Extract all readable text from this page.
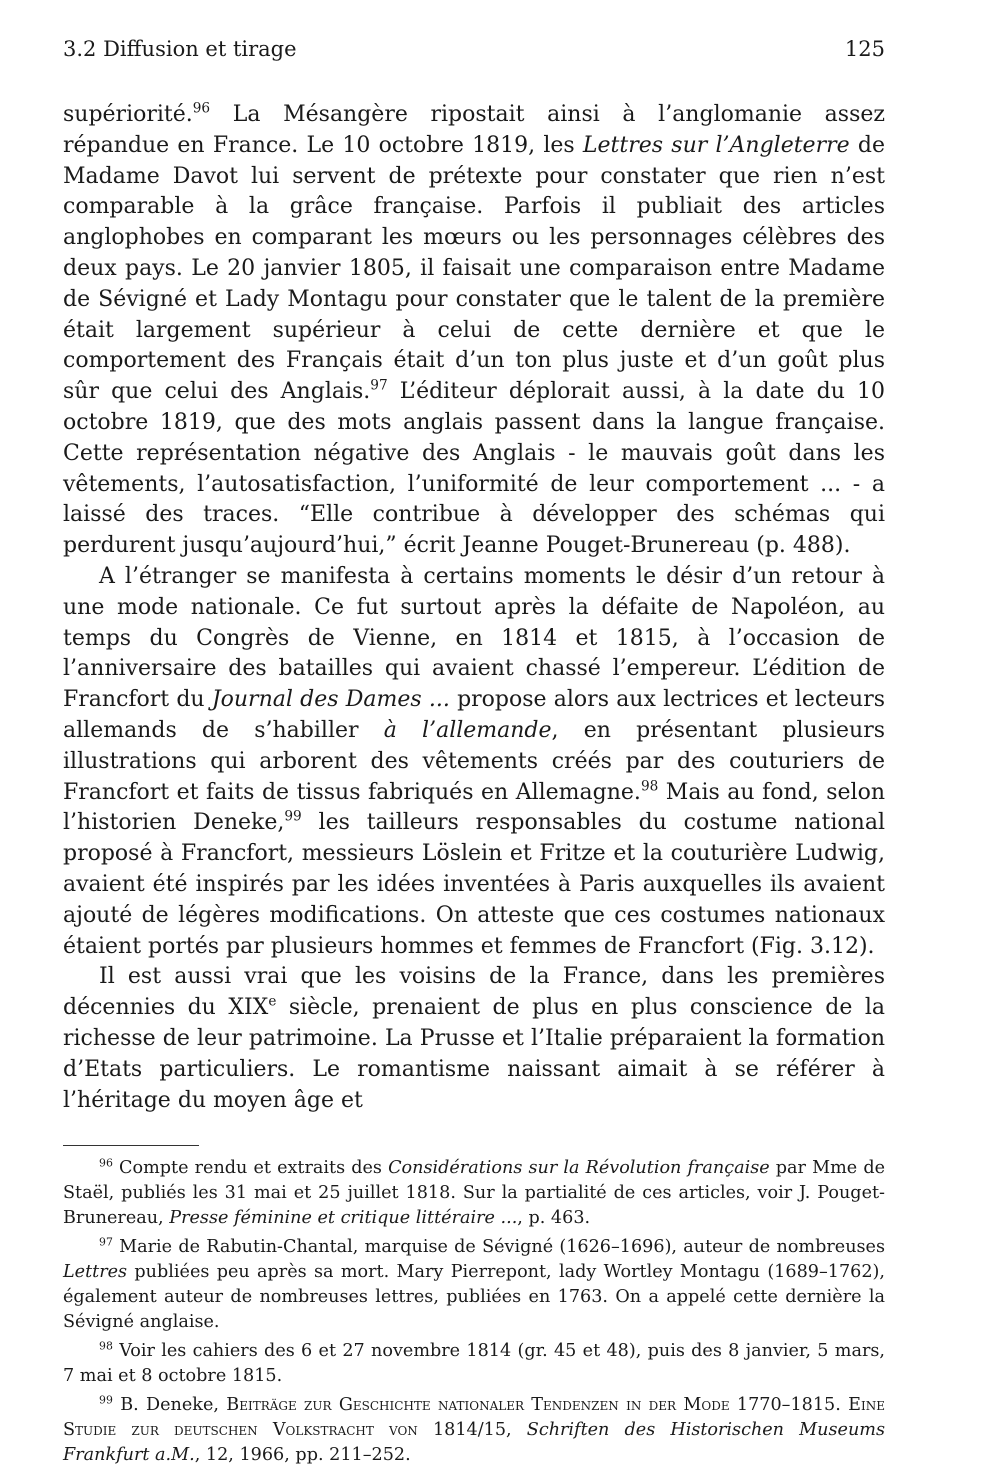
3.2 Diffusion et tirage	125

supériorité.$^{96}$ La Mésangère ripostait ainsi à l’anglomanie assez répandue en France. Le 10 octobre 1819, les Lettres sur l’Angleterre de Madame Davot lui servent de prétexte pour constater que rien n’est comparable à la grâce française. Parfois il publiait des articles anglophobes en comparant les mœurs ou les personnages célèbres des deux pays. Le 20 janvier 1805, il faisait une comparaison entre Madame de Sévigné et Lady Montagu pour constater que le talent de la première était largement supérieur à celui de cette dernière et que le comportement des Français était d’un ton plus juste et d’un goût plus sûr que celui des Anglais.$^{97}$ L’éditeur déplorait aussi, à la date du 10 octobre 1819, que des mots anglais passent dans la langue française. Cette représentation négative des Anglais - le mauvais goût dans les vêtements, l’autosatisfaction, l’uniformité de leur comportement ... - a laissé des traces. “Elle contribue à développer des schémas qui perdurent jusqu’aujourd’hui,” écrit Jeanne Pouget-Brunereau (p. 488).

A l’étranger se manifesta à certains moments le désir d’un retour à une mode nationale. Ce fut surtout après la défaite de Napoléon, au temps du Congrès de Vienne, en 1814 et 1815, à l’occasion de l’anniversaire des batailles qui avaient chassé l’empereur. L’édition de Francfort du Journal des Dames ... propose alors aux lectrices et lecteurs allemands de s’habiller à l’allemande, en présentant plusieurs illustrations qui arborent des vêtements créés par des couturiers de Francfort et faits de tissus fabriqués en Allemagne.$^{98}$ Mais au fond, selon l’historien Deneke,$^{99}$ les tailleurs responsables du costume national proposé à Francfort, messieurs Löslein et Fritze et la couturière Ludwig, avaient été inspirés par les idées inventées à Paris auxquelles ils avaient ajouté de légères modifications. On atteste que ces costumes nationaux étaient portés par plusieurs hommes et femmes de Francfort (Fig. 3.12).

Il est aussi vrai que les voisins de la France, dans les premières décennies du XIXe siècle, prenaient de plus en plus conscience de la richesse de leur patrimoine. La Prusse et l’Italie préparaient la formation d’Etats particuliers. Le romantisme naissant aimait à se référer à l’héritage du moyen âge et

$^{96}$ Compte rendu et extraits des Considérations sur la Révolution française par Mme de Staël, publiés les 31 mai et 25 juillet 1818. Sur la partialité de ces articles, voir J. Pouget-Brunereau, Presse féminine et critique littéraire ..., p. 463.

$^{97}$ Marie de Rabutin-Chantal, marquise de Sévigné (1626–1696), auteur de nombreuses Lettres publiées peu après sa mort. Mary Pierrepont, lady Wortley Montagu (1689–1762), également auteur de nombreuses lettres, publiées en 1763. On a appelé cette dernière la Sévigné anglaise.

$^{98}$ Voir les cahiers des 6 et 27 novembre 1814 (gr. 45 et 48), puis des 8 janvier, 5 mars, 7 mai et 8 octobre 1815.

$^{99}$ B. Deneke, Beiträge zur Geschichte nationaler Tendenzen in der Mode 1770–1815. Eine Studie zur deutschen Volkstracht von 1814/15, Schriften des Historischen Museums Frankfurt a.M., 12, 1966, pp. 211–252.
